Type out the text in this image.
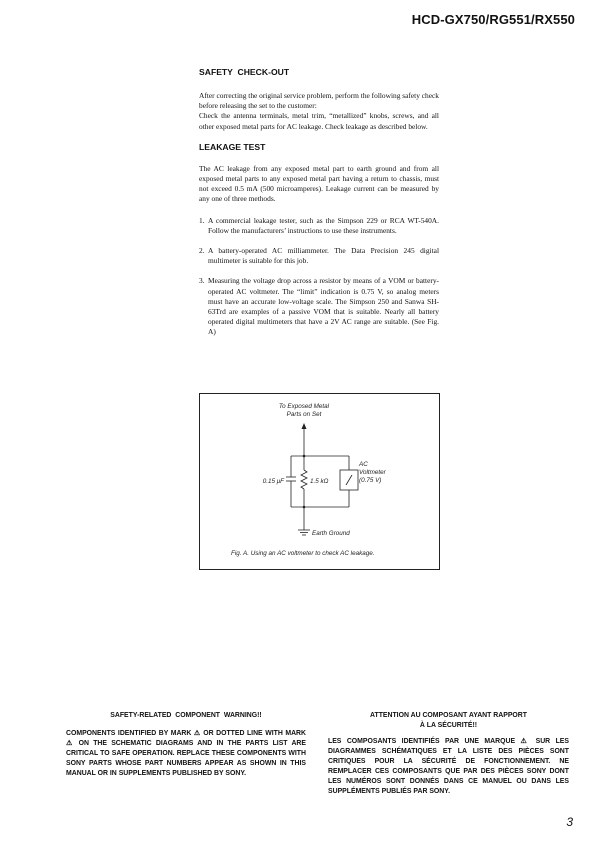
HCD-GX750/RG551/RX550

SAFETY  CHECK-OUT

After correcting the original service problem, perform the following safety check before releasing the set to the customer:

Check the antenna terminals, metal trim, “metallized” knobs, screws, and all other exposed metal parts for AC leakage. Check leakage as described below.

LEAKAGE TEST

The AC leakage from any exposed metal part to earth ground and from all exposed metal parts to any exposed metal part having a return to chassis, must not exceed 0.5 mA (500 microamperes). Leakage current can be measured by any one of three methods.

1. A commercial leakage tester, such as the Simpson 229 or RCA WT-540A. Follow the manufacturers’ instructions to use these instruments.
2. A battery-operated AC milliammeter. The Data Precision 245 digital multimeter is suitable for this job.
3. Measuring the voltage drop across a resistor by means of a VOM or battery-operated AC voltmeter. The “limit” indication is 0.75 V, so analog meters must have an accurate low-voltage scale. The Simpson 250 and Sanwa SH-63Trd are examples of a passive VOM that is suitable. Nearly all battery operated digital multimeters that have a 2V AC range are suitable. (See Fig. A)
To Exposed Metal
Parts on Set
0.15 μF	1.5 kΩ
AC
Voltmeter
(0.75 V)
Earth Ground
Fig. A. Using an AC voltmeter to check AC leakage.
SAFETY-RELATED  COMPONENT  WARNING!!
COMPONENTS IDENTIFIED BY MARK ⚠ OR DOTTED LINE WITH MARK ⚠ ON THE SCHEMATIC DIAGRAMS AND IN THE PARTS LIST ARE CRITICAL TO SAFE OPERATION. REPLACE THESE COMPONENTS WITH SONY PARTS WHOSE PART NUMBERS APPEAR AS SHOWN IN THIS MANUAL OR IN SUPPLEMENTS PUBLISHED BY SONY.
ATTENTION AU COMPOSANT AYANT RAPPORT
À LA SÉCURITÉ!!
LES COMPOSANTS IDENTIFIÉS PAR UNE MARQUE ⚠ SUR LES DIAGRAMMES SCHÉMATIQUES ET LA LISTE DES PIÈCES SONT CRITIQUES POUR LA SÉCURITÉ DE FONCTIONNEMENT. NE REMPLACER CES COMPOSANTS QUE PAR DES PIÈCES SONY DONT LES NUMÉROS SONT DONNÉS DANS CE MANUEL OU DANS LES SUPPLÉMENTS PUBLIÉS PAR SONY.
3
